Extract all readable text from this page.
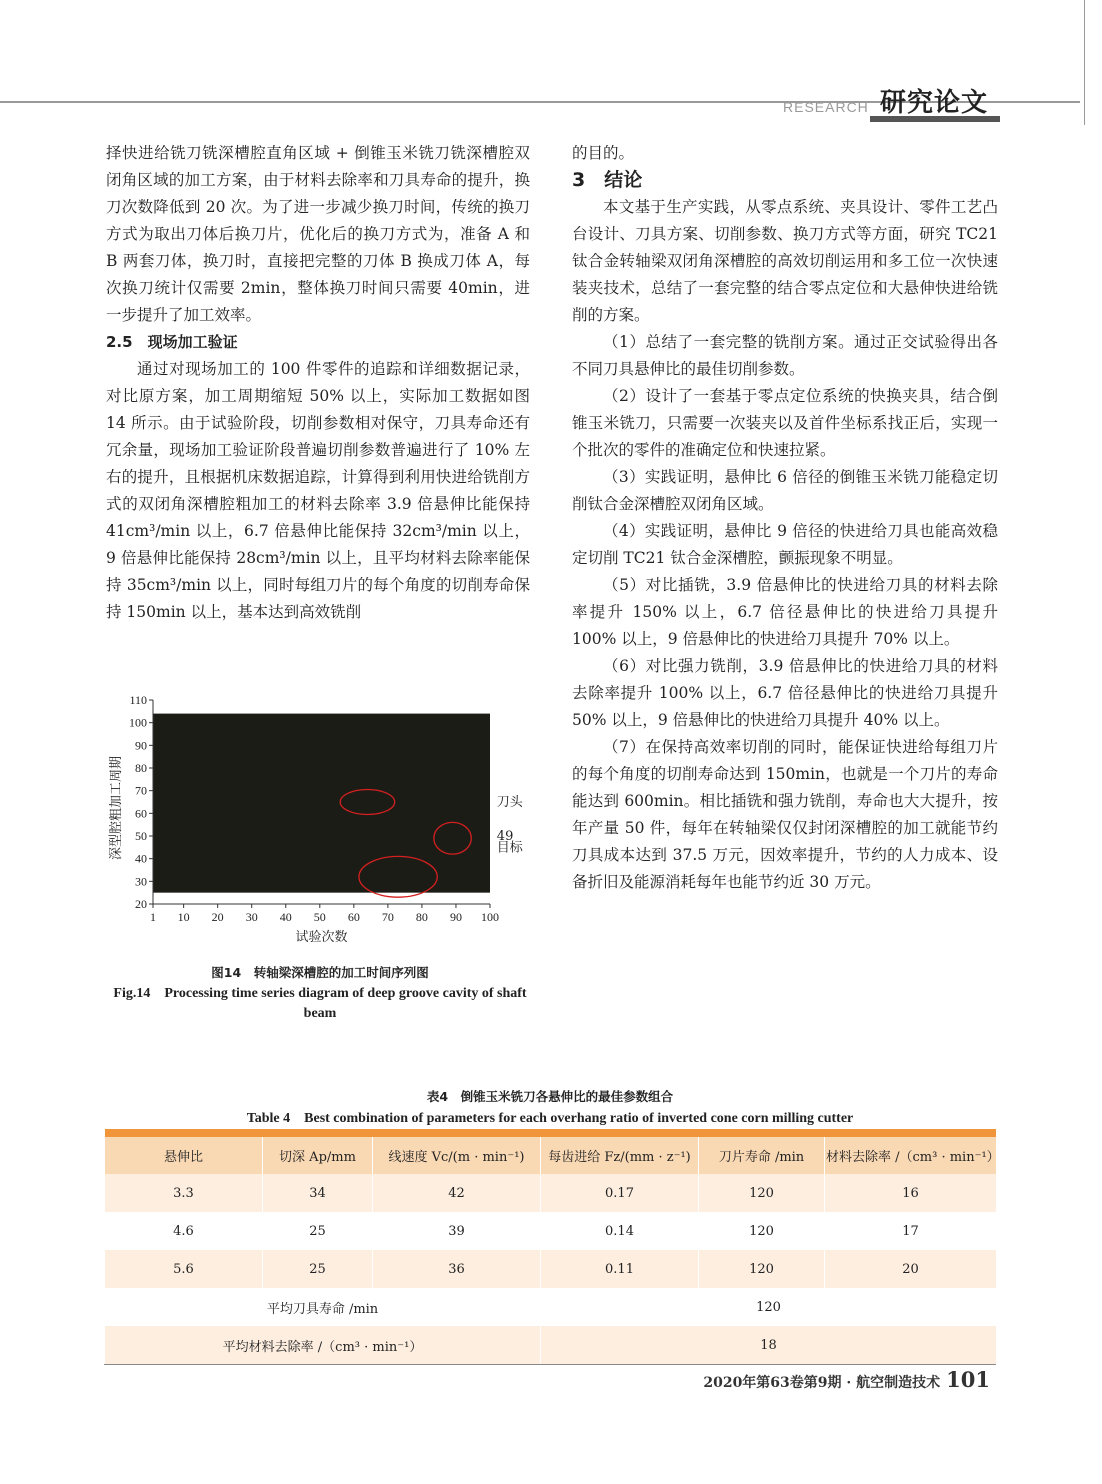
RESEARCH 研究论文

择快进给铣刀铣深槽腔直角区域 + 倒锥玉米铣刀铣深槽腔双闭角区域的加工方案，由于材料去除率和刀具寿命的提升，换刀次数降低到 20 次。为了进一步减少换刀时间，传统的换刀方式为取出刀体后换刀片，优化后的换刀方式为，准备 A 和 B 两套刀体，换刀时，直接把完整的刀体 B 换成刀体 A，每次换刀统计仅需要 2min，整体换刀时间只需要 40min，进一步提升了加工效率。

2.5　现场加工验证

通过对现场加工的 100 件零件的追踪和详细数据记录，对比原方案，加工周期缩短 50% 以上，实际加工数据如图 14 所示。由于试验阶段，切削参数相对保守，刀具寿命还有冗余量，现场加工验证阶段普遍切削参数普遍进行了 10% 左右的提升，且根据机床数据追踪，计算得到利用快进给铣削方式的双闭角深槽腔粗加工的材料去除率 3.9 倍悬伸比能保持 41cm³/min 以上，6.7 倍悬伸比能保持 32cm³/min 以上，9 倍悬伸比能保持 28cm³/min 以上，且平均材料去除率能保持 35cm³/min 以上，同时每组刀片的每个角度的切削寿命保持 150min 以上，基本达到高效铣削

的目的。

3　结论

本文基于生产实践，从零点系统、夹具设计、零件工艺凸台设计、刀具方案、切削参数、换刀方式等方面，研究 TC21 钛合金转轴梁双闭角深槽腔的高效切削运用和多工位一次快速装夹技术，总结了一套完整的结合零点定位和大悬伸快进给铣削的方案。

（1）总结了一套完整的铣削方案。通过正交试验得出各不同刀具悬伸比的最佳切削参数。

（2）设计了一套基于零点定位系统的快换夹具，结合倒锥玉米铣刀，只需要一次装夹以及首件坐标系找正后，实现一个批次的零件的准确定位和快速拉紧。

（3）实践证明，悬伸比 6 倍径的倒锥玉米铣刀能稳定切削钛合金深槽腔双闭角区域。

（4）实践证明，悬伸比 9 倍径的快进给刀具也能高效稳定切削 TC21 钛合金深槽腔，颤振现象不明显。

（5）对比插铣，3.9 倍悬伸比的快进给刀具的材料去除率提升 150% 以上，6.7 倍径悬伸比的快进给刀具提升 100% 以上，9 倍悬伸比的快进给刀具提升 70% 以上。

（6）对比强力铣削，3.9 倍悬伸比的快进给刀具的材料去除率提升 100% 以上，6.7 倍径悬伸比的快进给刀具提升 50% 以上，9 倍悬伸比的快进给刀具提升 40% 以上。

（7）在保持高效率切削的同时，能保证快进给每组刀片的每个角度的切削寿命达到 150min，也就是一个刀片的寿命能达到 600min。相比插铣和强力铣削，寿命也大大提升，按年产量 50 件，每年在转轴梁仅仅封闭深槽腔的加工就能节约刀具成本达到 37.5 万元，因效率提升，节约的人力成本、设备折旧及能源消耗每年也能节约近 30 万元。

20
30
40
50
60
70
80
90
100
110
1 10 20 30 40 50 60 70 80 90 100
试验次数
深型腔粗加工周期	刀头
49
目标
图14　转轴梁深槽腔的加工时间序列图
Fig.14　Processing time series diagram of deep groove cavity of shaft beam
表4　倒锥玉米铣刀各悬伸比的最佳参数组合
Table 4　Best combination of parameters for each overhang ratio of inverted cone corn milling cutter

悬伸比	切深 Ap/mm	线速度 Vc/(m · min⁻¹)	每齿进给 Fz/(mm · z⁻¹)	刀片寿命 /min	材料去除率 /（cm³ · min⁻¹）
3.3	34	42	0.17	120	16
4.6	25	39	0.14	120	17
5.6	25	36	0.11	120	20
平均刀具寿命 /min			120		
平均材料去除率 /（cm³ · min⁻¹）			18		
2020年第63卷第9期 · 航空制造技术 101
